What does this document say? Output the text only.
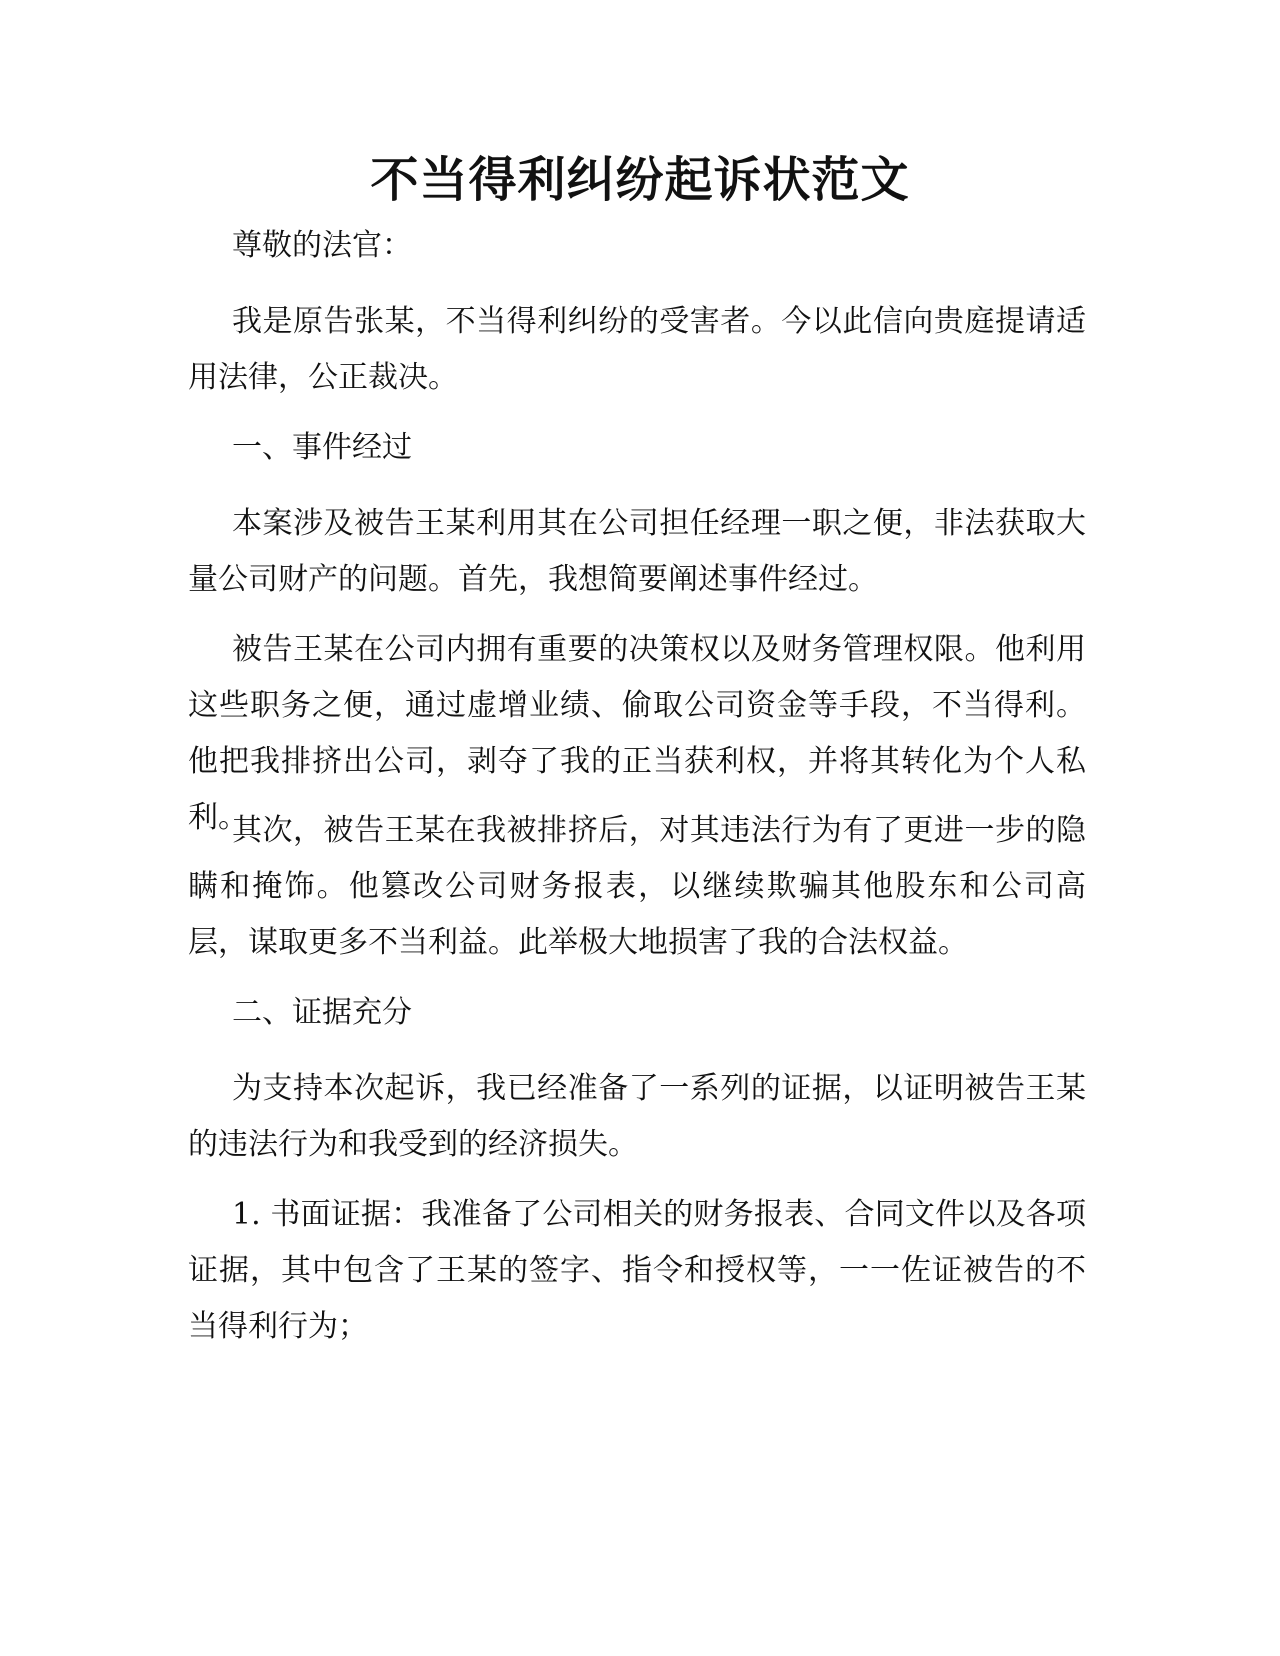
不当得利纠纷起诉状范文

尊敬的法官：

我是原告张某，不当得利纠纷的受害者。今以此信向贵庭提请适用法律，公正裁决。

一、事件经过

本案涉及被告王某利用其在公司担任经理一职之便，非法获取大量公司财产的问题。首先，我想简要阐述事件经过。

被告王某在公司内拥有重要的决策权以及财务管理权限。他利用这些职务之便，通过虚增业绩、偷取公司资金等手段，不当得利。他把我排挤出公司，剥夺了我的正当获利权，并将其转化为个人私利。

其次，被告王某在我被排挤后，对其违法行为有了更进一步的隐瞒和掩饰。他篡改公司财务报表，以继续欺骗其他股东和公司高层，谋取更多不当利益。此举极大地损害了我的合法权益。

二、证据充分

为支持本次起诉，我已经准备了一系列的证据，以证明被告王某的违法行为和我受到的经济损失。

1. 书面证据：我准备了公司相关的财务报表、合同文件以及各项证据，其中包含了王某的签字、指令和授权等，一一佐证被告的不当得利行为；
